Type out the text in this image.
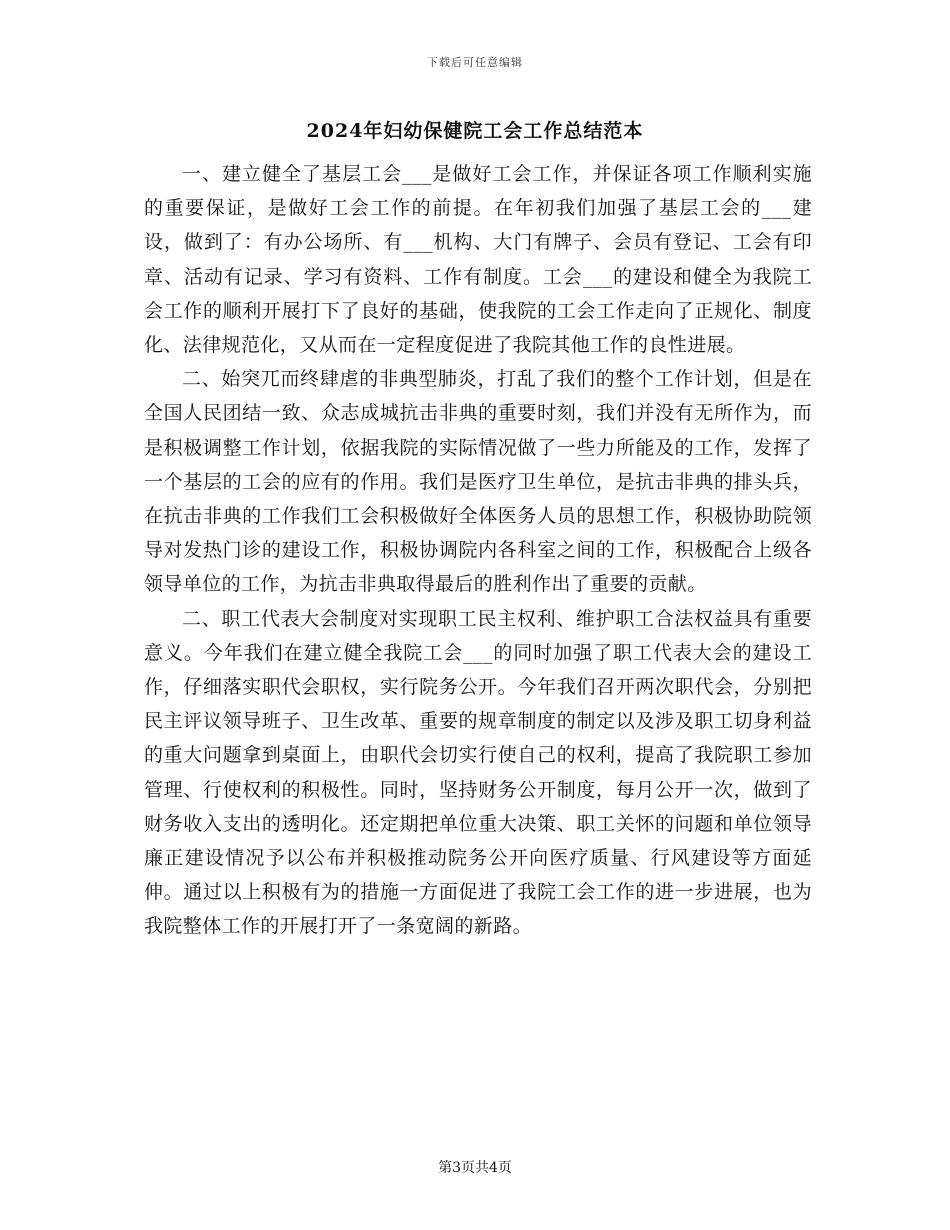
下载后可任意编辑
2024年妇幼保健院工会工作总结范本

一、建立健全了基层工会___是做好工会工作，并保证各项工作顺利实施的重要保证，是做好工会工作的前提。在年初我们加强了基层工会的___建设，做到了：有办公场所、有___机构、大门有牌子、会员有登记、工会有印章、活动有记录、学习有资料、工作有制度。工会___的建设和健全为我院工会工作的顺利开展打下了良好的基础，使我院的工会工作走向了正规化、制度化、法律规范化，又从而在一定程度促进了我院其他工作的良性进展。

二、始突兀而终肆虐的非典型肺炎，打乱了我们的整个工作计划，但是在全国人民团结一致、众志成城抗击非典的重要时刻，我们并没有无所作为，而是积极调整工作计划，依据我院的实际情况做了一些力所能及的工作，发挥了一个基层的工会的应有的作用。我们是医疗卫生单位，是抗击非典的排头兵，在抗击非典的工作我们工会积极做好全体医务人员的思想工作，积极协助院领导对发热门诊的建设工作，积极协调院内各科室之间的工作，积极配合上级各领导单位的工作，为抗击非典取得最后的胜利作出了重要的贡献。

二、职工代表大会制度对实现职工民主权利、维护职工合法权益具有重要意义。今年我们在建立健全我院工会___的同时加强了职工代表大会的建设工作，仔细落实职代会职权，实行院务公开。今年我们召开两次职代会，分别把民主评议领导班子、卫生改革、重要的规章制度的制定以及涉及职工切身利益的重大问题拿到桌面上，由职代会切实行使自己的权利，提高了我院职工参加管理、行使权利的积极性。同时，坚持财务公开制度，每月公开一次，做到了财务收入支出的透明化。还定期把单位重大决策、职工关怀的问题和单位领导廉正建设情况予以公布并积极推动院务公开向医疗质量、行风建设等方面延伸。通过以上积极有为的措施一方面促进了我院工会工作的进一步进展，也为我院整体工作的开展打开了一条宽阔的新路。

第3页共4页
